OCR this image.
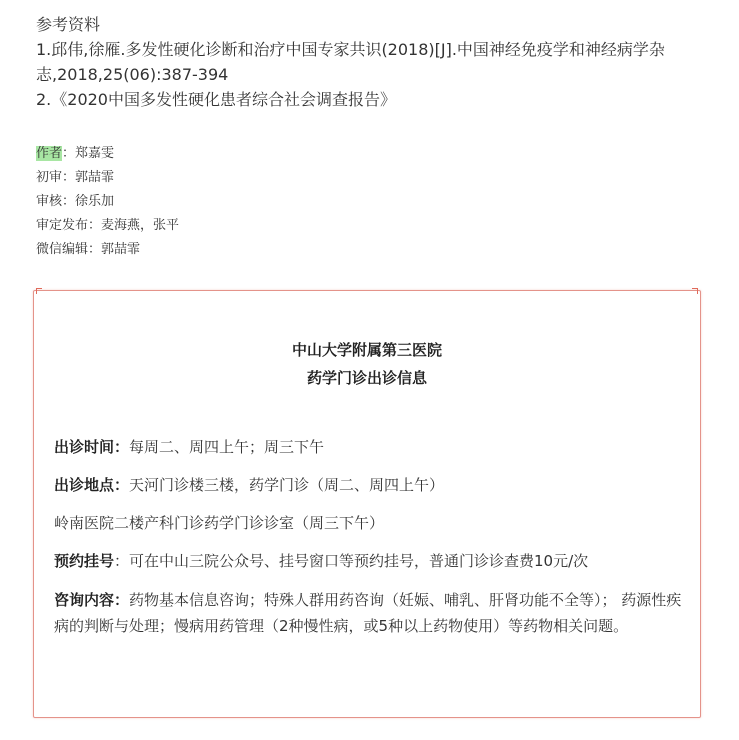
参考资料

1.邱伟,徐雁.多发性硬化诊断和治疗中国专家共识(2018)[J].中国神经免疫学和神经病学杂

志,2018,25(06):387-394

2.《2020中国多发性硬化患者综合社会调查报告》

作者：郑嘉雯
初审：郭喆霏
审核：徐乐加
审定发布：麦海燕，张平
微信编辑：郭喆霏
中山大学附属第三医院
药学门诊出诊信息
出诊时间：每周二、周四上午；周三下午
出诊地点：天河门诊楼三楼，药学门诊（周二、周四上午）
岭南医院二楼产科门诊药学门诊诊室（周三下午）
预约挂号：可在中山三院公众号、挂号窗口等预约挂号，普通门诊诊查费10元/次
咨询内容：药物基本信息咨询；特殊人群用药咨询（妊娠、哺乳、肝肾功能不全等）； 药源性疾病的判断与处理；慢病用药管理（2种慢性病，或5种以上药物使用）等药物相关问题。
